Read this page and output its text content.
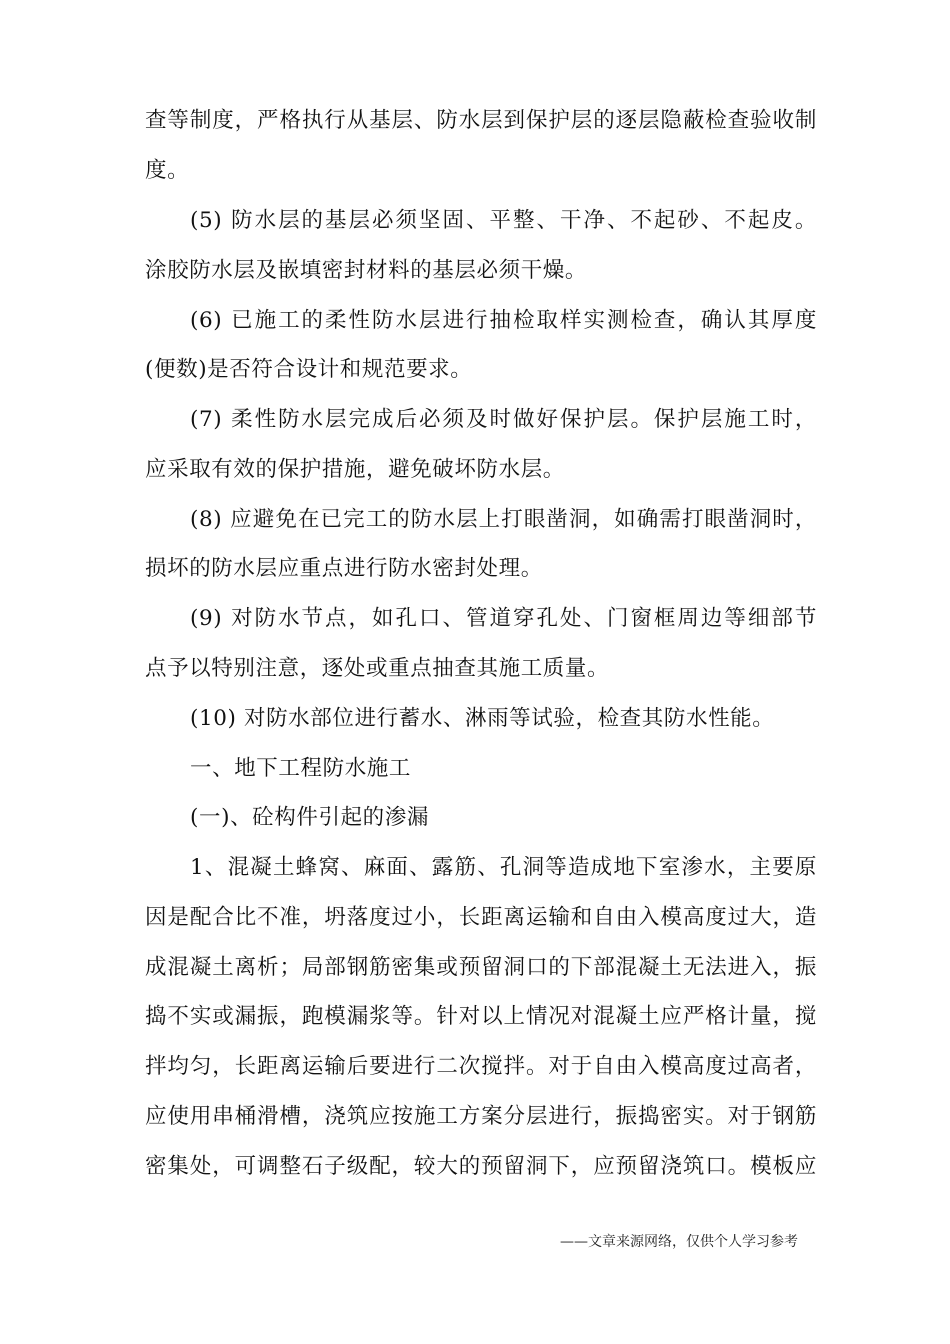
查等制度，严格执行从基层、防水层到保护层的逐层隐蔽检查验收制
度。
(5) 防水层的基层必须坚固、平整、干净、不起砂、不起皮。
涂胶防水层及嵌填密封材料的基层必须干燥。
(6) 已施工的柔性防水层进行抽检取样实测检查，确认其厚度
(便数)是否符合设计和规范要求。
(7) 柔性防水层完成后必须及时做好保护层。保护层施工时，
应采取有效的保护措施，避免破坏防水层。
(8) 应避免在已完工的防水层上打眼凿洞，如确需打眼凿洞时，
损坏的防水层应重点进行防水密封处理。
(9) 对防水节点，如孔口、管道穿孔处、门窗框周边等细部节
点予以特别注意，逐处或重点抽查其施工质量。
(10) 对防水部位进行蓄水、淋雨等试验，检查其防水性能。
一、地下工程防水施工
(一)、砼构件引起的渗漏
1、混凝土蜂窝、麻面、露筋、孔洞等造成地下室渗水，主要原
因是配合比不准，坍落度过小，长距离运输和自由入模高度过大，造
成混凝土离析；局部钢筋密集或预留洞口的下部混凝土无法进入，振
捣不实或漏振，跑模漏浆等。针对以上情况对混凝土应严格计量，搅
拌均匀，长距离运输后要进行二次搅拌。对于自由入模高度过高者，
应使用串桶滑槽，浇筑应按施工方案分层进行，振捣密实。对于钢筋
密集处，可调整石子级配，较大的预留洞下，应预留浇筑口。模板应
——文章来源网络，仅供个人学习参考
